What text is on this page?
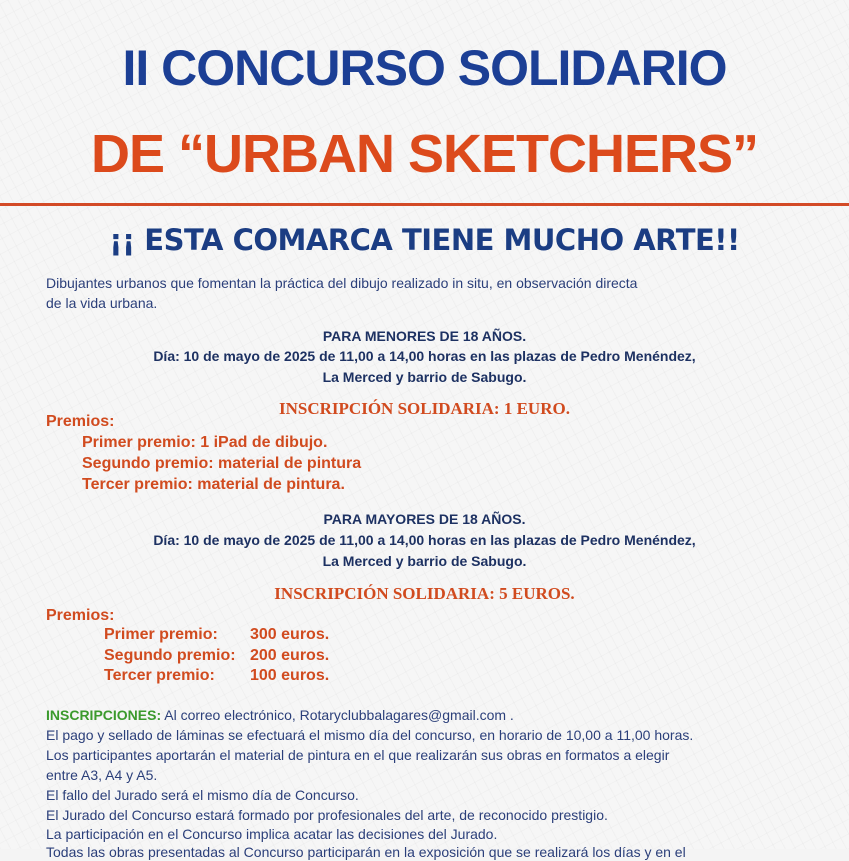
II CONCURSO SOLIDARIO
DE “URBAN SKETCHERS”
¡¡ ESTA COMARCA TIENE MUCHO ARTE!!
Dibujantes urbanos que fomentan la práctica del dibujo realizado in situ, en observación directa
de la vida urbana.
PARA MENORES DE 18 AÑOS.
Día: 10 de mayo de 2025 de 11,00 a 14,00 horas en las plazas de Pedro Menéndez,
La Merced y barrio de Sabugo.
INSCRIPCIÓN SOLIDARIA: 1 EURO.
Premios:
Primer premio: 1 iPad de dibujo.
Segundo premio: material de pintura
Tercer premio: material de pintura.
PARA MAYORES DE 18 AÑOS.
Día: 10 de mayo de 2025 de 11,00 a 14,00 horas en las plazas de Pedro Menéndez,
La Merced y barrio de Sabugo.
INSCRIPCIÓN SOLIDARIA: 5 EUROS.
Premios:
Primer premio: 300 euros.
Segundo premio: 200 euros.
Tercer premio: 100 euros.
INSCRIPCIONES: Al correo electrónico, Rotaryclubbalagares@gmail.com .
El pago y sellado de láminas se efectuará el mismo día del concurso, en horario de 10,00 a 11,00 horas.
Los participantes aportarán el material de pintura en el que realizarán sus obras en formatos a elegir
entre A3, A4 y A5.
El fallo del Jurado será el mismo día de Concurso.
El Jurado del Concurso estará formado por profesionales del arte, de reconocido prestigio.
La participación en el Concurso implica acatar las decisiones del Jurado.
Todas las obras presentadas al Concurso participarán en la exposición que se realizará los días y en el
